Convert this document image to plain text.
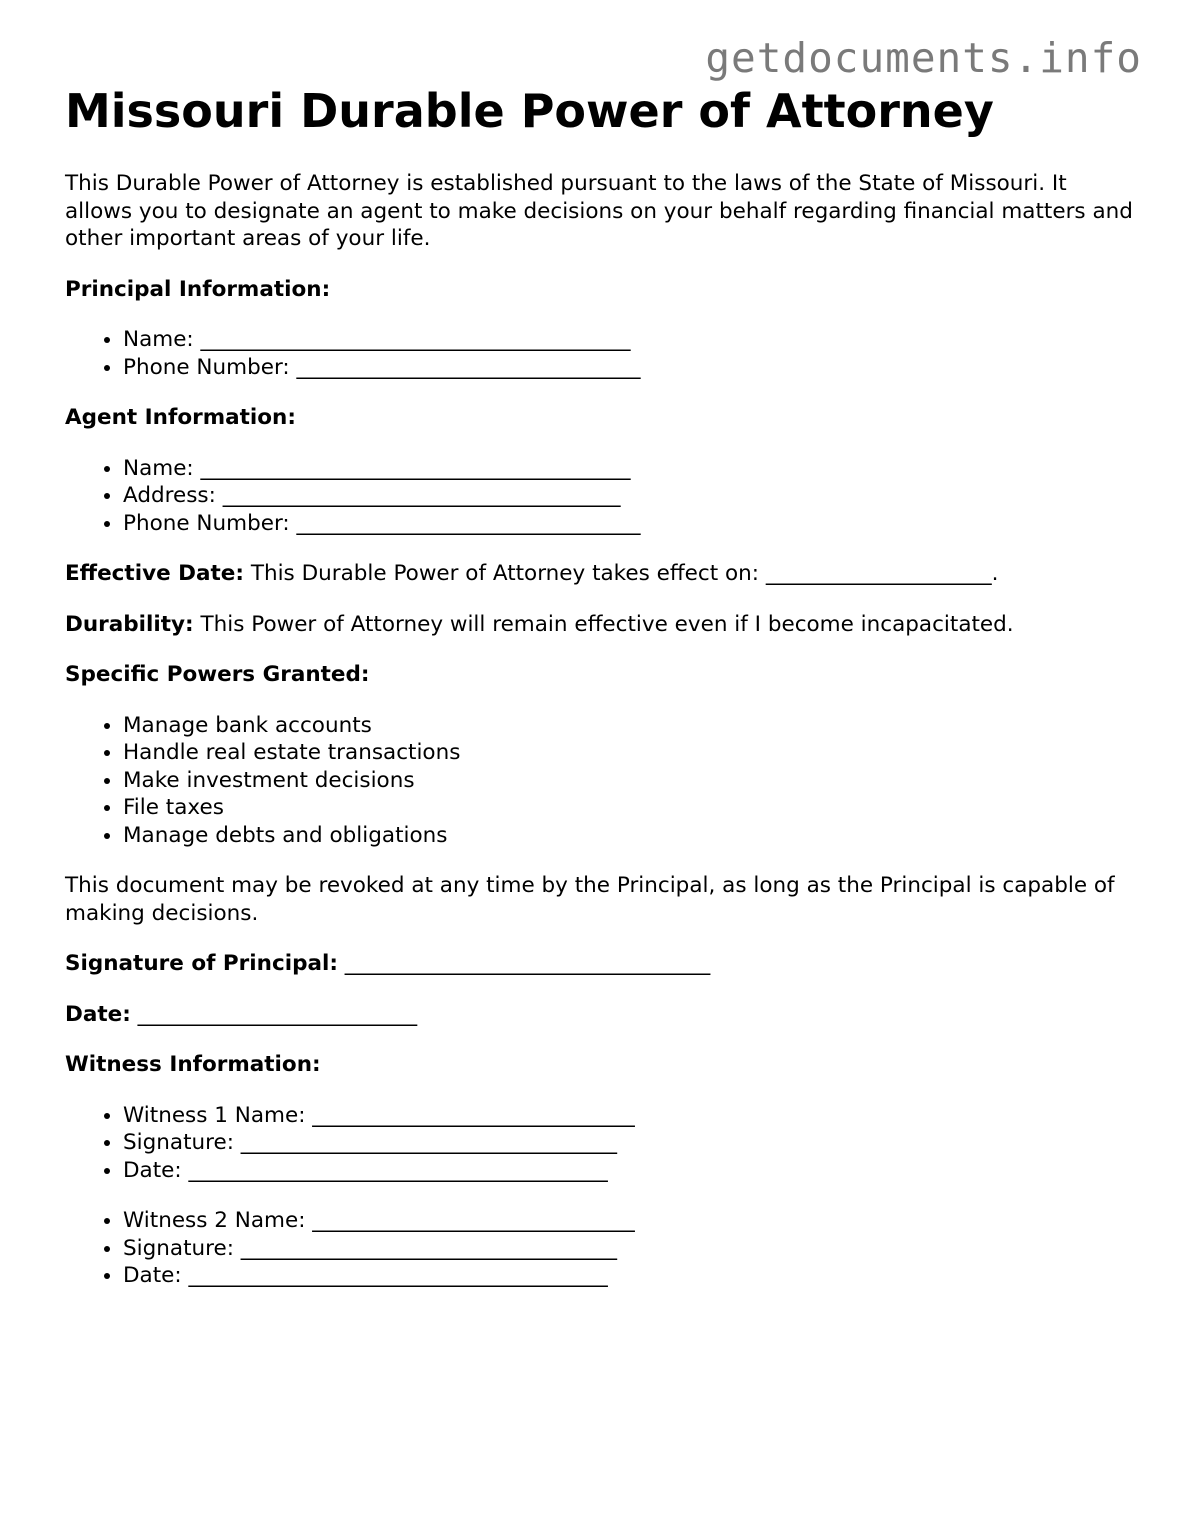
getdocuments.info
Missouri Durable Power of Attorney

This Durable Power of Attorney is established pursuant to the laws of the State of Missouri. It allows you to designate an agent to make decisions on your behalf regarding financial matters and other important areas of your life.

Principal Information:

• Name: ________________________________________
• Phone Number: ________________________________

Agent Information:

• Name: ________________________________________
• Address: _____________________________________
• Phone Number: ________________________________

Effective Date: This Durable Power of Attorney takes effect on: _____________________.

Durability: This Power of Attorney will remain effective even if I become incapacitated.

Specific Powers Granted:

• Manage bank accounts
• Handle real estate transactions
• Make investment decisions
• File taxes
• Manage debts and obligations

This document may be revoked at any time by the Principal, as long as the Principal is capable of making decisions.

Signature of Principal: __________________________________

Date: __________________________

Witness Information:

• Witness 1 Name: ______________________________
• Signature: ___________________________________
• Date: _______________________________________
• Witness 2 Name: ______________________________
• Signature: ___________________________________
• Date: _______________________________________
